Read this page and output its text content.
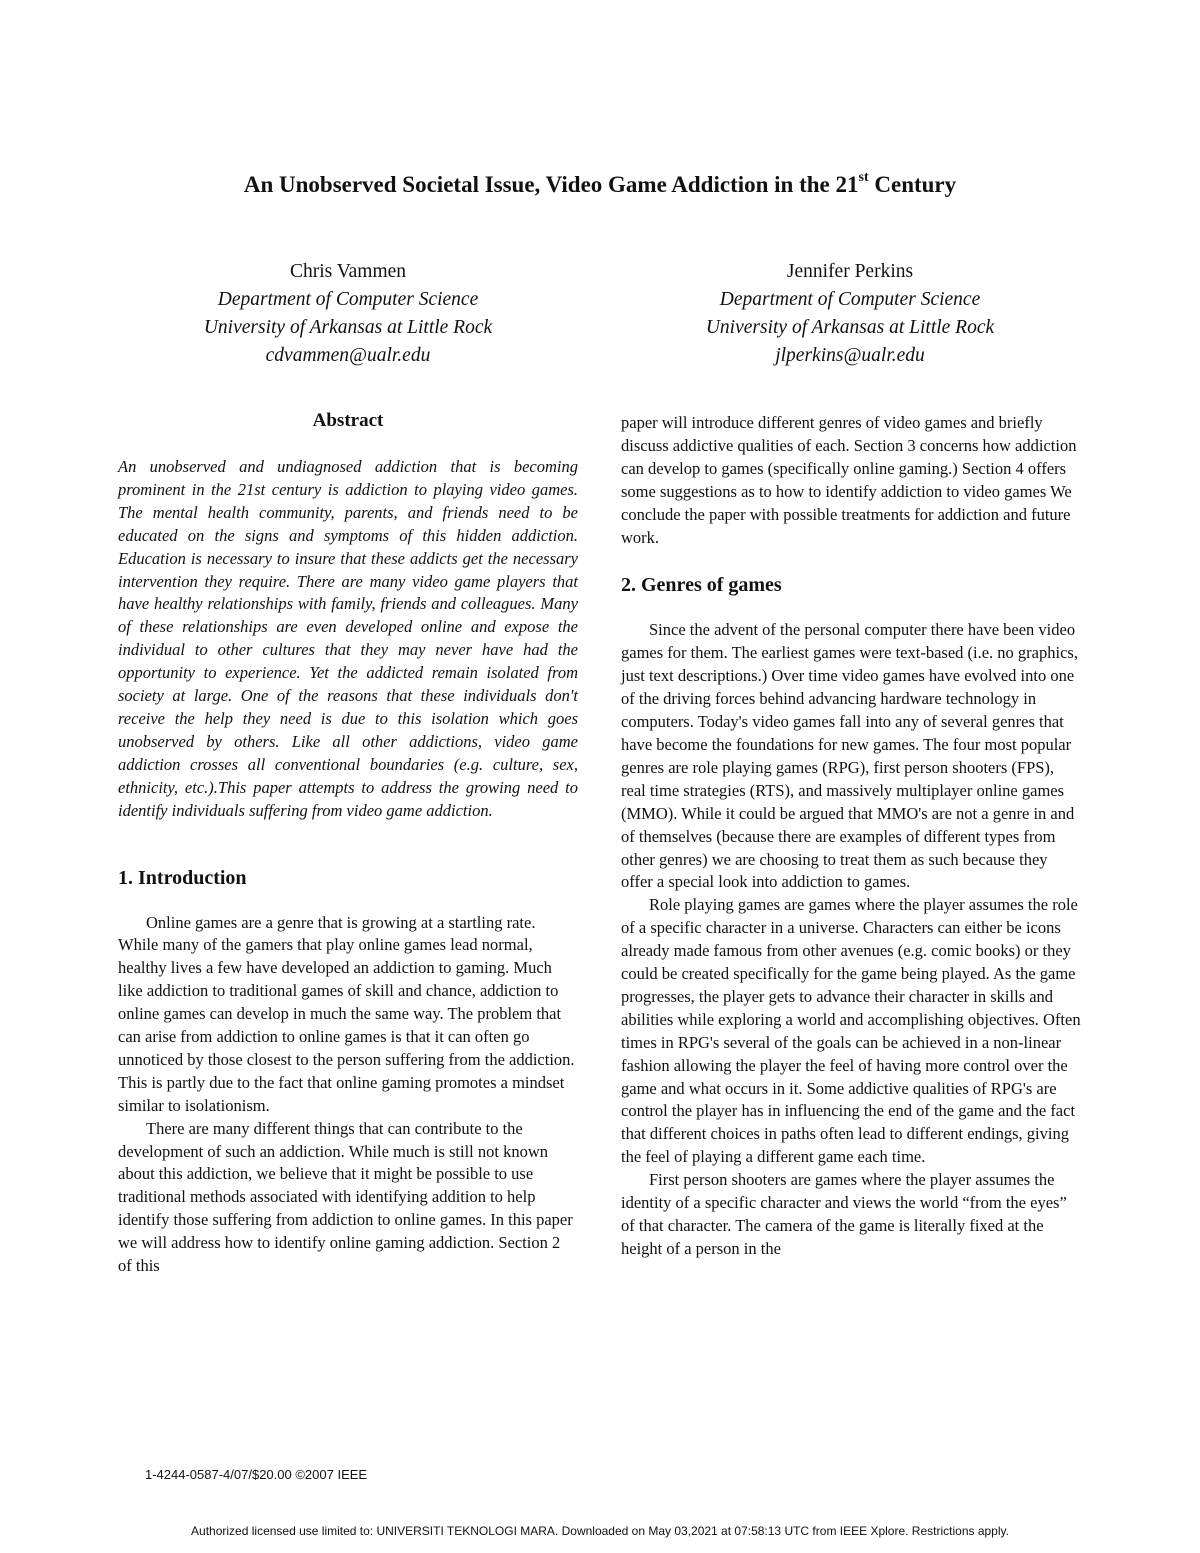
An Unobserved Societal Issue, Video Game Addiction in the 21st Century
Chris Vammen
Department of Computer Science
University of Arkansas at Little Rock
cdvammen@ualr.edu
Jennifer Perkins
Department of Computer Science
University of Arkansas at Little Rock
jlperkins@ualr.edu
Abstract

An unobserved and undiagnosed addiction that is becoming prominent in the 21st century is addiction to playing video games. The mental health community, parents, and friends need to be educated on the signs and symptoms of this hidden addiction. Education is necessary to insure that these addicts get the necessary intervention they require. There are many video game players that have healthy relationships with family, friends and colleagues. Many of these relationships are even developed online and expose the individual to other cultures that they may never have had the opportunity to experience. Yet the addicted remain isolated from society at large. One of the reasons that these individuals don't receive the help they need is due to this isolation which goes unobserved by others. Like all other addictions, video game addiction crosses all conventional boundaries (e.g. culture, sex, ethnicity, etc.).This paper attempts to address the growing need to identify individuals suffering from video game addiction.

1. Introduction

Online games are a genre that is growing at a startling rate. While many of the gamers that play online games lead normal, healthy lives a few have developed an addiction to gaming. Much like addiction to traditional games of skill and chance, addiction to online games can develop in much the same way. The problem that can arise from addiction to online games is that it can often go unnoticed by those closest to the person suffering from the addiction. This is partly due to the fact that online gaming promotes a mindset similar to isolationism.

There are many different things that can contribute to the development of such an addiction. While much is still not known about this addiction, we believe that it might be possible to use traditional methods associated with identifying addition to help identify those suffering from addiction to online games. In this paper we will address how to identify online gaming addiction. Section 2 of this

paper will introduce different genres of video games and briefly discuss addictive qualities of each. Section 3 concerns how addiction can develop to games (specifically online gaming.) Section 4 offers some suggestions as to how to identify addiction to video games We conclude the paper with possible treatments for addiction and future work.

2. Genres of games

Since the advent of the personal computer there have been video games for them. The earliest games were text-based (i.e. no graphics, just text descriptions.) Over time video games have evolved into one of the driving forces behind advancing hardware technology in computers. Today's video games fall into any of several genres that have become the foundations for new games. The four most popular genres are role playing games (RPG), first person shooters (FPS), real time strategies (RTS), and massively multiplayer online games (MMO). While it could be argued that MMO's are not a genre in and of themselves (because there are examples of different types from other genres) we are choosing to treat them as such because they offer a special look into addiction to games.

Role playing games are games where the player assumes the role of a specific character in a universe. Characters can either be icons already made famous from other avenues (e.g. comic books) or they could be created specifically for the game being played. As the game progresses, the player gets to advance their character in skills and abilities while exploring a world and accomplishing objectives. Often times in RPG's several of the goals can be achieved in a non-linear fashion allowing the player the feel of having more control over the game and what occurs in it. Some addictive qualities of RPG's are control the player has in influencing the end of the game and the fact that different choices in paths often lead to different endings, giving the feel of playing a different game each time.

First person shooters are games where the player assumes the identity of a specific character and views the world “from the eyes” of that character. The camera of the game is literally fixed at the height of a person in the

1-4244-0587-4/07/$20.00 ©2007 IEEE
Authorized licensed use limited to: UNIVERSITI TEKNOLOGI MARA. Downloaded on May 03,2021 at 07:58:13 UTC from IEEE Xplore. Restrictions apply.
